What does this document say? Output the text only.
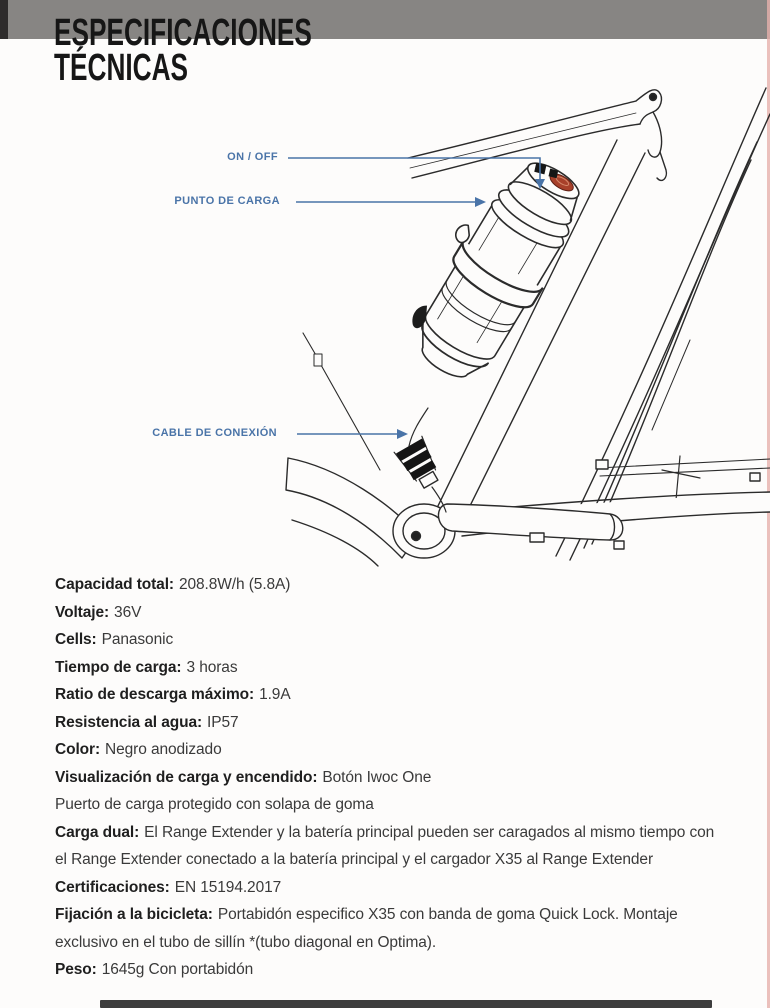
ESPECIFICACIONES
TÉCNICAS
ON / OFF
PUNTO DE CARGA
CABLE DE CONEXIÓN

Capacidad total: 208.8W/h (5.8A)

Voltaje: 36V

Cells: Panasonic

Tiempo de carga: 3 horas

Ratio de descarga máximo: 1.9A

Resistencia al agua: IP57

Color: Negro anodizado

Visualización de carga y encendido: Botón Iwoc One

Puerto de carga protegido con solapa de goma

Carga dual: El Range Extender y la batería principal pueden ser caragados al mismo tiempo con el Range Extender conectado a la batería principal y el cargador X35 al Range Extender

Certificaciones: EN 15194.2017

Fijación a la bicicleta: Portabidón especifico X35 con banda de goma Quick Lock. Montaje exclusivo en el tubo de sillín *(tubo diagonal en Optima).

Peso: 1645g Con portabidón
